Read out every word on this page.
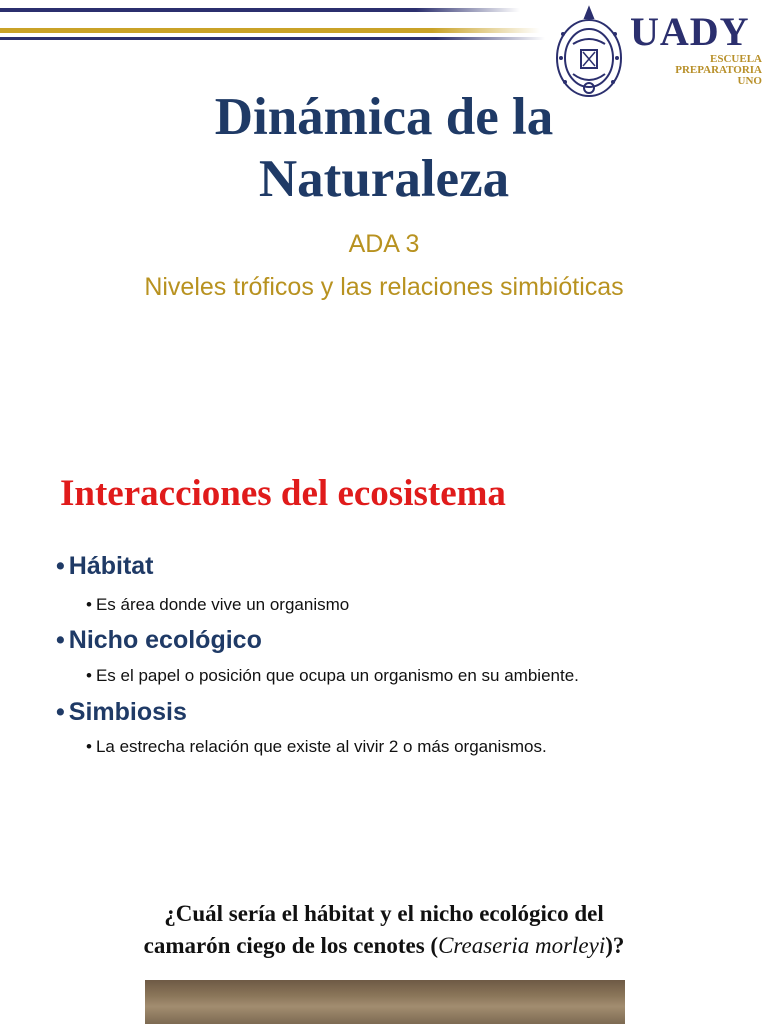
UADY
ESCUELA
PREPARATORIA
UNO
Dinámica de la
Naturaleza
ADA 3
Niveles tróficos y las relaciones simbióticas
Interacciones del ecosistema
• Hábitat
• Es área donde vive un organismo
• Nicho ecológico
• Es el papel o posición que ocupa un organismo en su ambiente.
• Simbiosis
• La estrecha relación que existe al vivir 2 o más organismos.
¿Cuál sería el hábitat y el nicho ecológico del
camarón ciego de los cenotes (Creaseria morleyi)?
